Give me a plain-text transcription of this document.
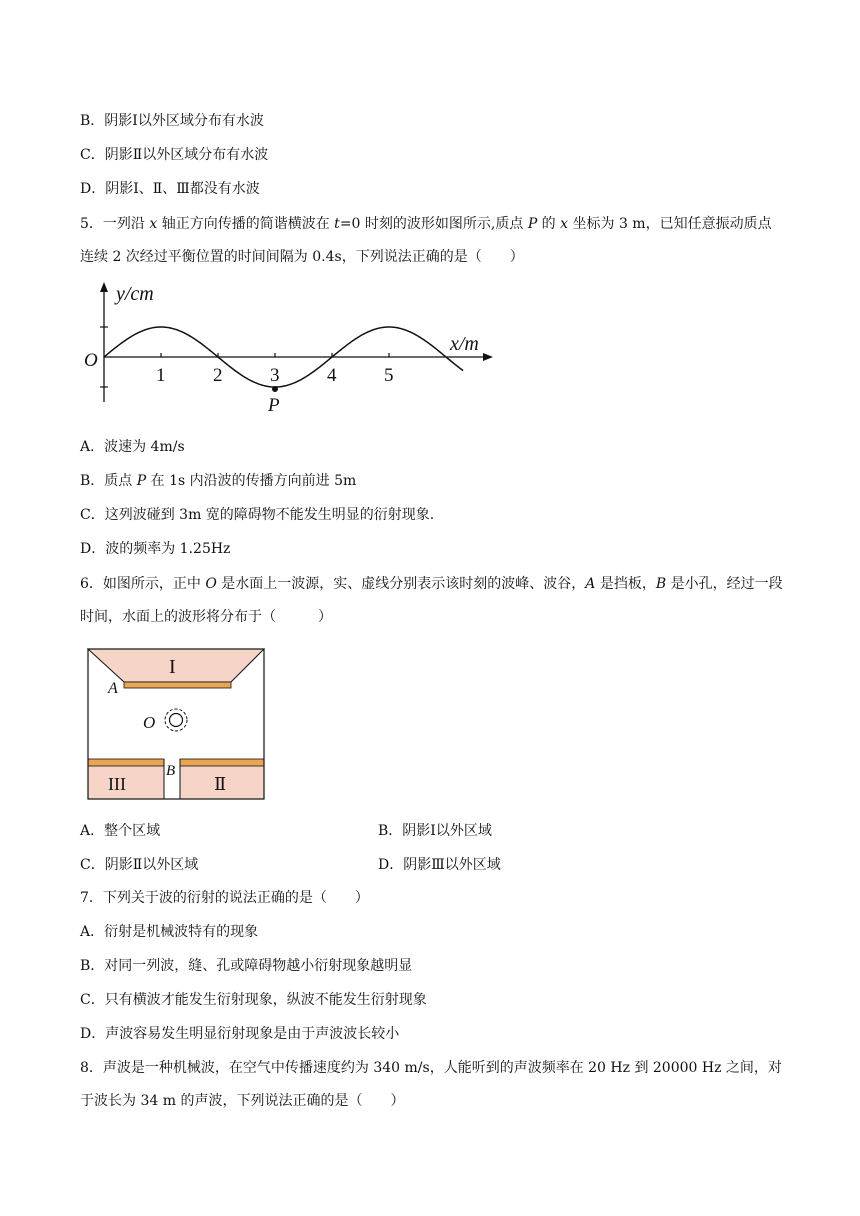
B．阴影Ⅰ以外区域分布有水波
C．阴影Ⅱ以外区域分布有水波
D．阴影Ⅰ、Ⅱ、Ⅲ都没有水波
5．一列沿 x 轴正方向传播的简谐横波在 t=0 时刻的波形如图所示,质点 P 的 x 坐标为 3 m，已知任意振动质点连续 2 次经过平衡位置的时间间隔为 0.4s，下列说法正确的是（　　）
y/cm
x/m
O
1	2	3	4	5
P
A．波速为 4m/s
B．质点 P 在 1s 内沿波的传播方向前进 5m
C．这列波碰到 3m 宽的障碍物不能发生明显的衍射现象.
D．波的频率为 1.25Hz
6．如图所示，正中 O 是水面上一波源，实、虚线分别表示该时刻的波峰、波谷，A 是挡板，B 是小孔，经过一段时间，水面上的波形将分布于（　　　）
I
A
O
B
III	Ⅱ
A．整个区域	B．阴影Ⅰ以外区域
C．阴影Ⅱ以外区域	D．阴影Ⅲ以外区域
7．下列关于波的衍射的说法正确的是（　　）
A．衍射是机械波特有的现象
B．对同一列波，缝、孔或障碍物越小衍射现象越明显
C．只有横波才能发生衍射现象，纵波不能发生衍射现象
D．声波容易发生明显衍射现象是由于声波波长较小
8．声波是一种机械波，在空气中传播速度约为 340 m/s，人能听到的声波频率在 20 Hz 到 20000 Hz 之间，对于波长为 34 m 的声波，下列说法正确的是（　　）
